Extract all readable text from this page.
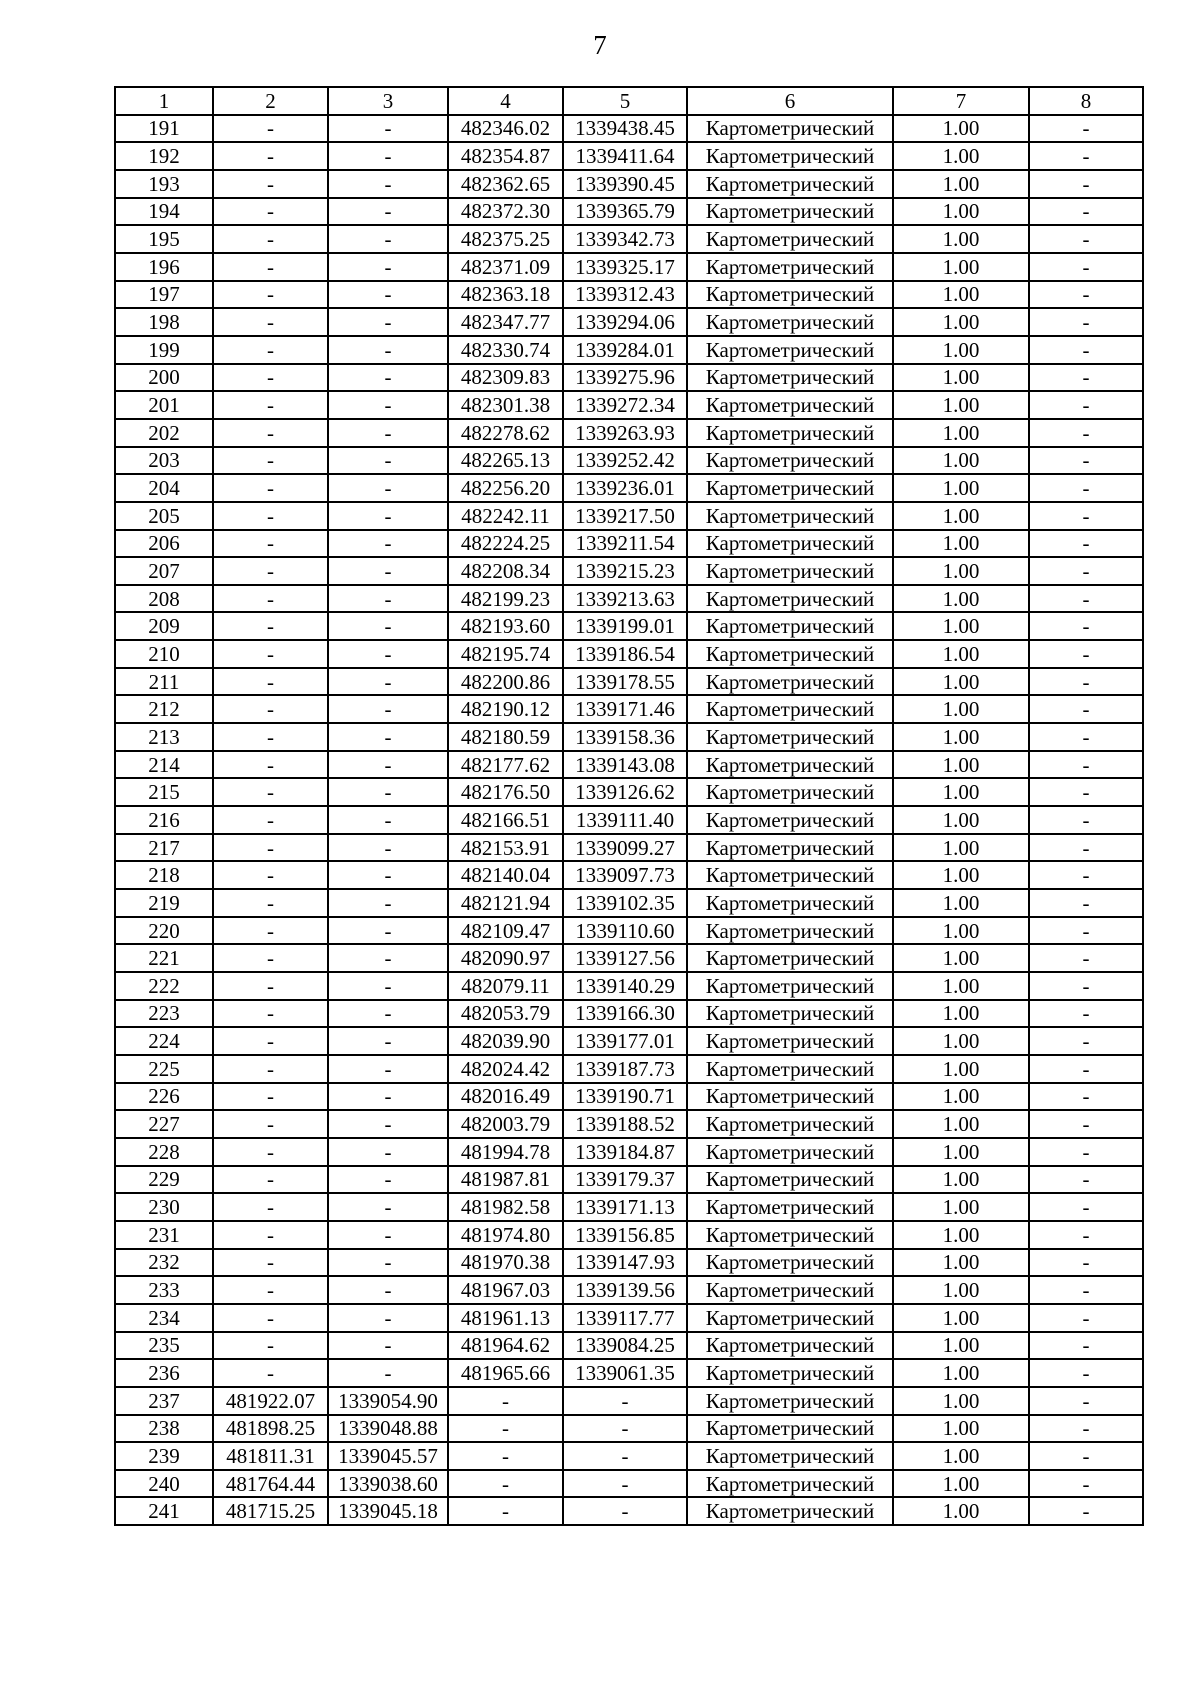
7
1	2	3	4	5	6	7	8
191	-	-	482346.02	1339438.45	Картометрический	1.00	-
192	-	-	482354.87	1339411.64	Картометрический	1.00	-
193	-	-	482362.65	1339390.45	Картометрический	1.00	-
194	-	-	482372.30	1339365.79	Картометрический	1.00	-
195	-	-	482375.25	1339342.73	Картометрический	1.00	-
196	-	-	482371.09	1339325.17	Картометрический	1.00	-
197	-	-	482363.18	1339312.43	Картометрический	1.00	-
198	-	-	482347.77	1339294.06	Картометрический	1.00	-
199	-	-	482330.74	1339284.01	Картометрический	1.00	-
200	-	-	482309.83	1339275.96	Картометрический	1.00	-
201	-	-	482301.38	1339272.34	Картометрический	1.00	-
202	-	-	482278.62	1339263.93	Картометрический	1.00	-
203	-	-	482265.13	1339252.42	Картометрический	1.00	-
204	-	-	482256.20	1339236.01	Картометрический	1.00	-
205	-	-	482242.11	1339217.50	Картометрический	1.00	-
206	-	-	482224.25	1339211.54	Картометрический	1.00	-
207	-	-	482208.34	1339215.23	Картометрический	1.00	-
208	-	-	482199.23	1339213.63	Картометрический	1.00	-
209	-	-	482193.60	1339199.01	Картометрический	1.00	-
210	-	-	482195.74	1339186.54	Картометрический	1.00	-
211	-	-	482200.86	1339178.55	Картометрический	1.00	-
212	-	-	482190.12	1339171.46	Картометрический	1.00	-
213	-	-	482180.59	1339158.36	Картометрический	1.00	-
214	-	-	482177.62	1339143.08	Картометрический	1.00	-
215	-	-	482176.50	1339126.62	Картометрический	1.00	-
216	-	-	482166.51	1339111.40	Картометрический	1.00	-
217	-	-	482153.91	1339099.27	Картометрический	1.00	-
218	-	-	482140.04	1339097.73	Картометрический	1.00	-
219	-	-	482121.94	1339102.35	Картометрический	1.00	-
220	-	-	482109.47	1339110.60	Картометрический	1.00	-
221	-	-	482090.97	1339127.56	Картометрический	1.00	-
222	-	-	482079.11	1339140.29	Картометрический	1.00	-
223	-	-	482053.79	1339166.30	Картометрический	1.00	-
224	-	-	482039.90	1339177.01	Картометрический	1.00	-
225	-	-	482024.42	1339187.73	Картометрический	1.00	-
226	-	-	482016.49	1339190.71	Картометрический	1.00	-
227	-	-	482003.79	1339188.52	Картометрический	1.00	-
228	-	-	481994.78	1339184.87	Картометрический	1.00	-
229	-	-	481987.81	1339179.37	Картометрический	1.00	-
230	-	-	481982.58	1339171.13	Картометрический	1.00	-
231	-	-	481974.80	1339156.85	Картометрический	1.00	-
232	-	-	481970.38	1339147.93	Картометрический	1.00	-
233	-	-	481967.03	1339139.56	Картометрический	1.00	-
234	-	-	481961.13	1339117.77	Картометрический	1.00	-
235	-	-	481964.62	1339084.25	Картометрический	1.00	-
236	-	-	481965.66	1339061.35	Картометрический	1.00	-
237	481922.07	1339054.90	-	-	Картометрический	1.00	-
238	481898.25	1339048.88	-	-	Картометрический	1.00	-
239	481811.31	1339045.57	-	-	Картометрический	1.00	-
240	481764.44	1339038.60	-	-	Картометрический	1.00	-
241	481715.25	1339045.18	-	-	Картометрический	1.00	-
